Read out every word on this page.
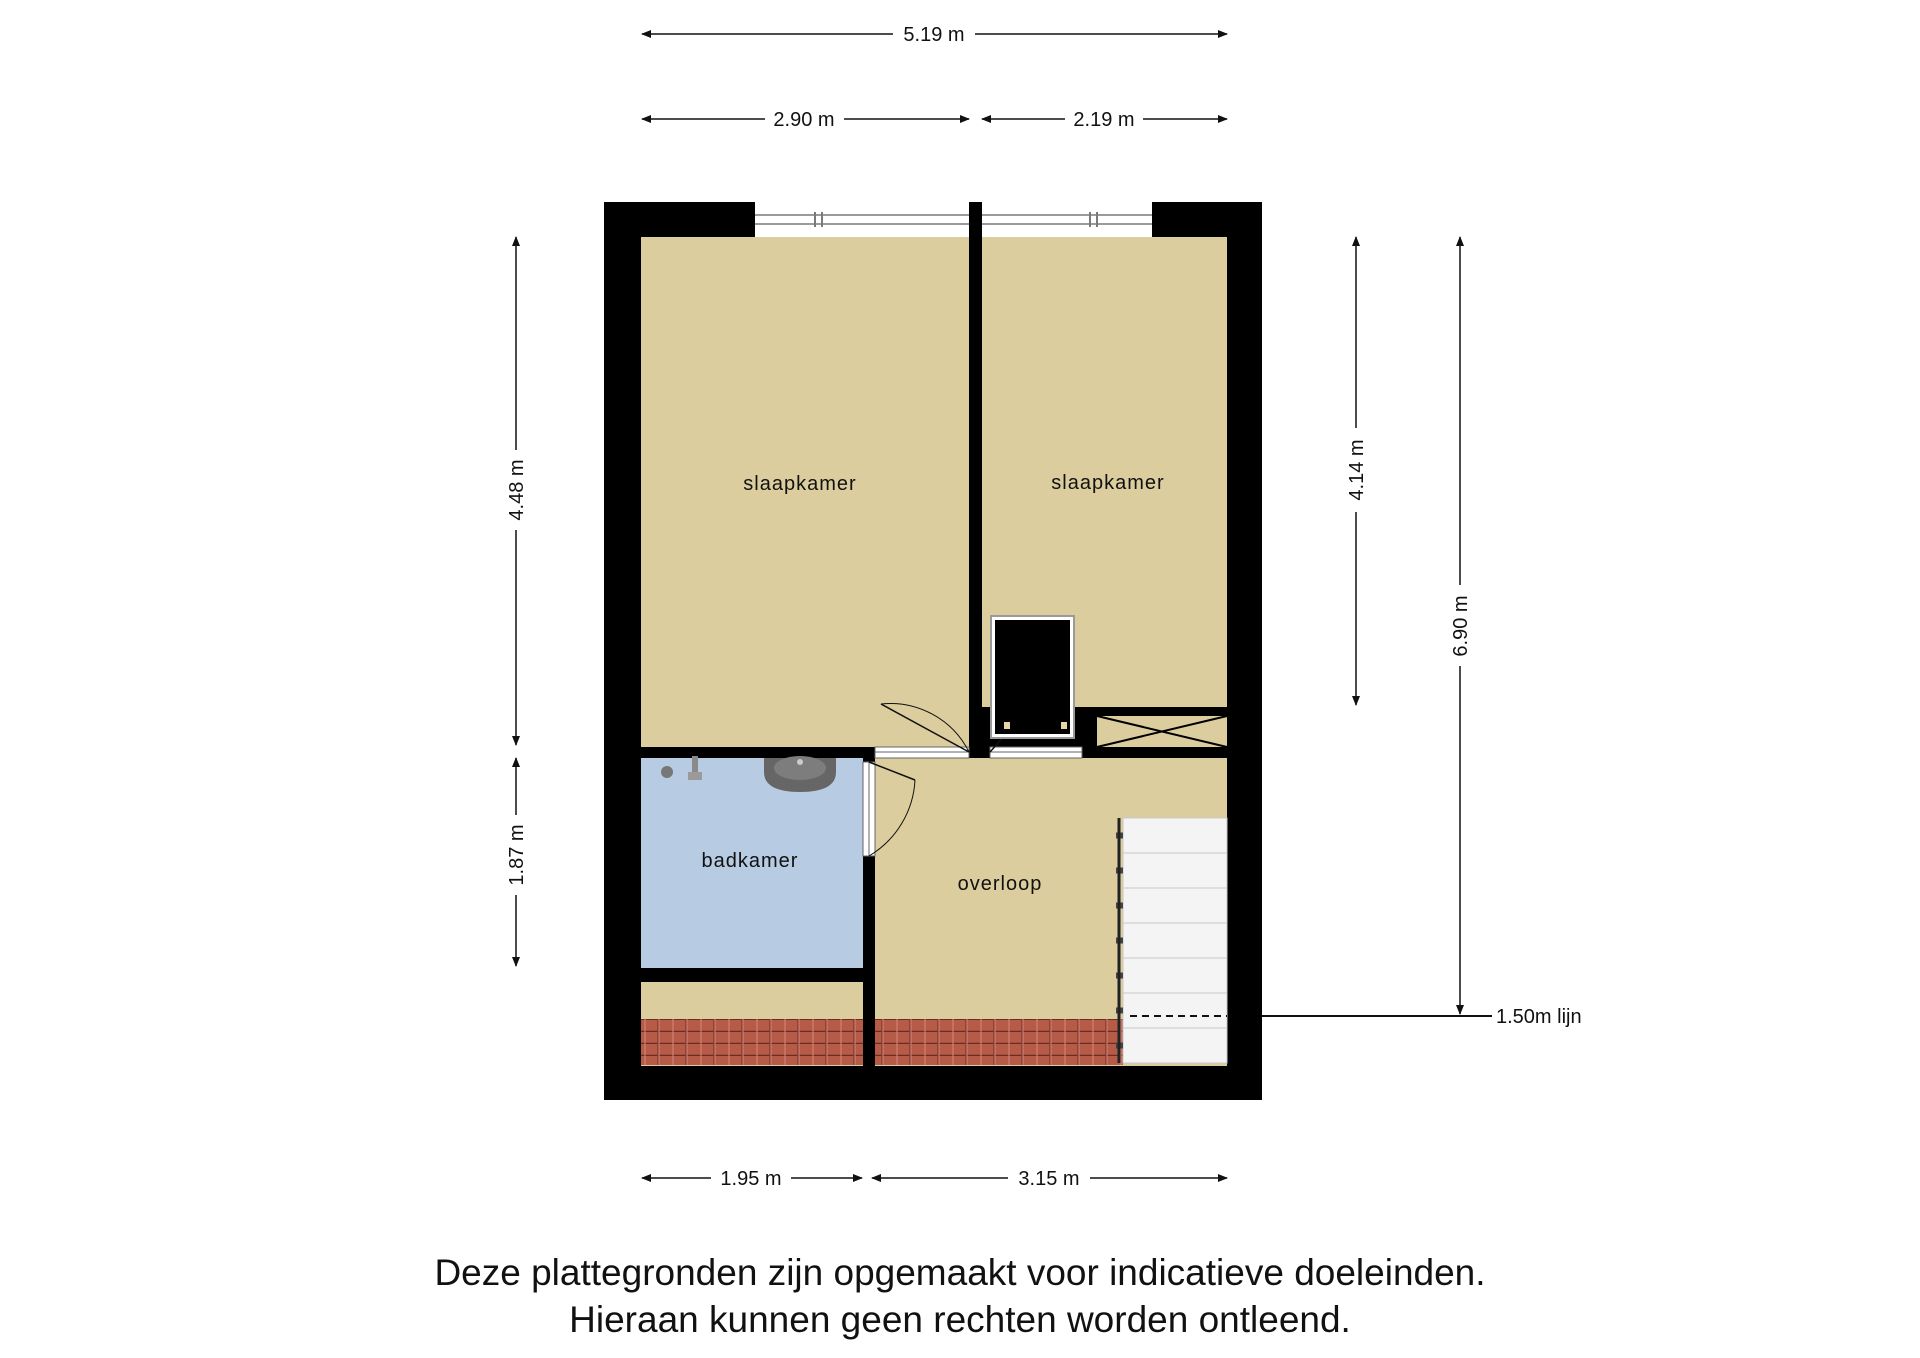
slaapkamer	slaapkamer
badkamer
overloop
5.19 m
2.90 m	2.19 m
1.95 m	3.15 m
4.48 m
1.87 m
4.14 m
6.90 m
1.50m lijn
Deze plattegronden zijn opgemaakt voor indicatieve doeleinden.
Hieraan kunnen geen rechten worden ontleend.
